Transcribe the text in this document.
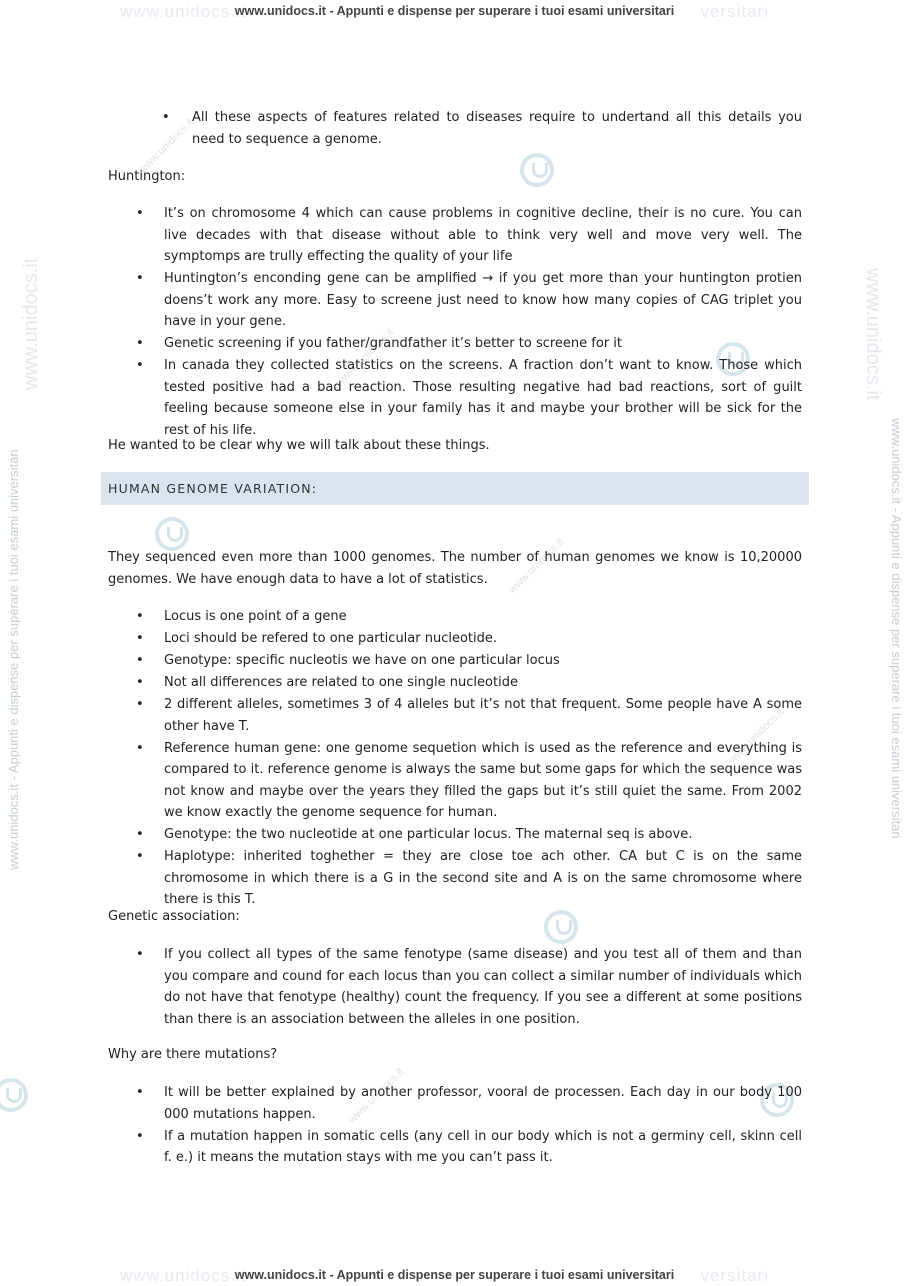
www.unidocs.it	versitari
www.unidocs.it - Appunti e dispense per superare i tuoi esami universitari
www.unidocs.it
www.unidocs.it - Appunti e dispense per superare i tuoi esami universitari
www.unidocs.it
www.unidocs.it - Appunti e dispense per superare i tuoi esami universitari
www.unidocs.it
www.unidocs.it
www.unidocs.it
www.unidocs.it
www.unidocs.it
• All these aspects of features related to diseases require to undertand all this details you need to sequence a genome.

Huntington:

• It’s on chromosome 4 which can cause problems in cognitive decline, their is no cure. You can live decades with that disease without able to think very well and move very well. The symptomps are trully effecting the quality of your life
• Huntington’s enconding gene can be amplified → if you get more than your huntington protien doens’t work any more. Easy to screene just need to know how many copies of CAG triplet you have in your gene.
• Genetic screening if you father/grandfather it’s better to screene for it
• In canada they collected statistics on the screens. A fraction don’t want to know. Those which tested positive had a bad reaction. Those resulting negative had bad reactions, sort of guilt feeling because someone else in your family has it and maybe your brother will be sick for the rest of his life.

He wanted to be clear why we will talk about these things.

HUMAN GENOME VARIATION:

They sequenced even more than 1000 genomes. The number of human genomes we know is 10,20000 genomes. We have enough data to have a lot of statistics.

• Locus is one point of a gene
• Loci should be refered to one particular nucleotide.
• Genotype: specific nucleotis we have on one particular locus
• Not all differences are related to one single nucleotide
• 2 different alleles, sometimes 3 of 4 alleles but it’s not that frequent. Some people have A some other have T.
• Reference human gene: one genome sequetion which is used as the reference and everything is compared to it. reference genome is always the same but some gaps for which the sequence was not know and maybe over the years they filled the gaps but it’s still quiet the same. From 2002 we know exactly the genome sequence for human.
• Genotype: the two nucleotide at one particular locus. The maternal seq is above.
• Haplotype: inherited toghether = they are close toe ach other. CA but C is on the same chromosome in which there is a G in the second site and A is on the same chromosome where there is this T.

Genetic association:

• If you collect all types of the same fenotype (same disease) and you test all of them and than you compare and cound for each locus than you can collect a similar number of individuals which do not have that fenotype (healthy) count the frequency. If you see a different at some positions than there is an association between the alleles in one position.

Why are there mutations?

• It will be better explained by another professor, vooral de processen. Each day in our body 100 000 mutations happen.
• If a mutation happen in somatic cells (any cell in our body which is not a germiny cell, skinn cell f. e.) it means the mutation stays with me you can’t pass it.
www.unidocs.it	versitari
www.unidocs.it - Appunti e dispense per superare i tuoi esami universitari
